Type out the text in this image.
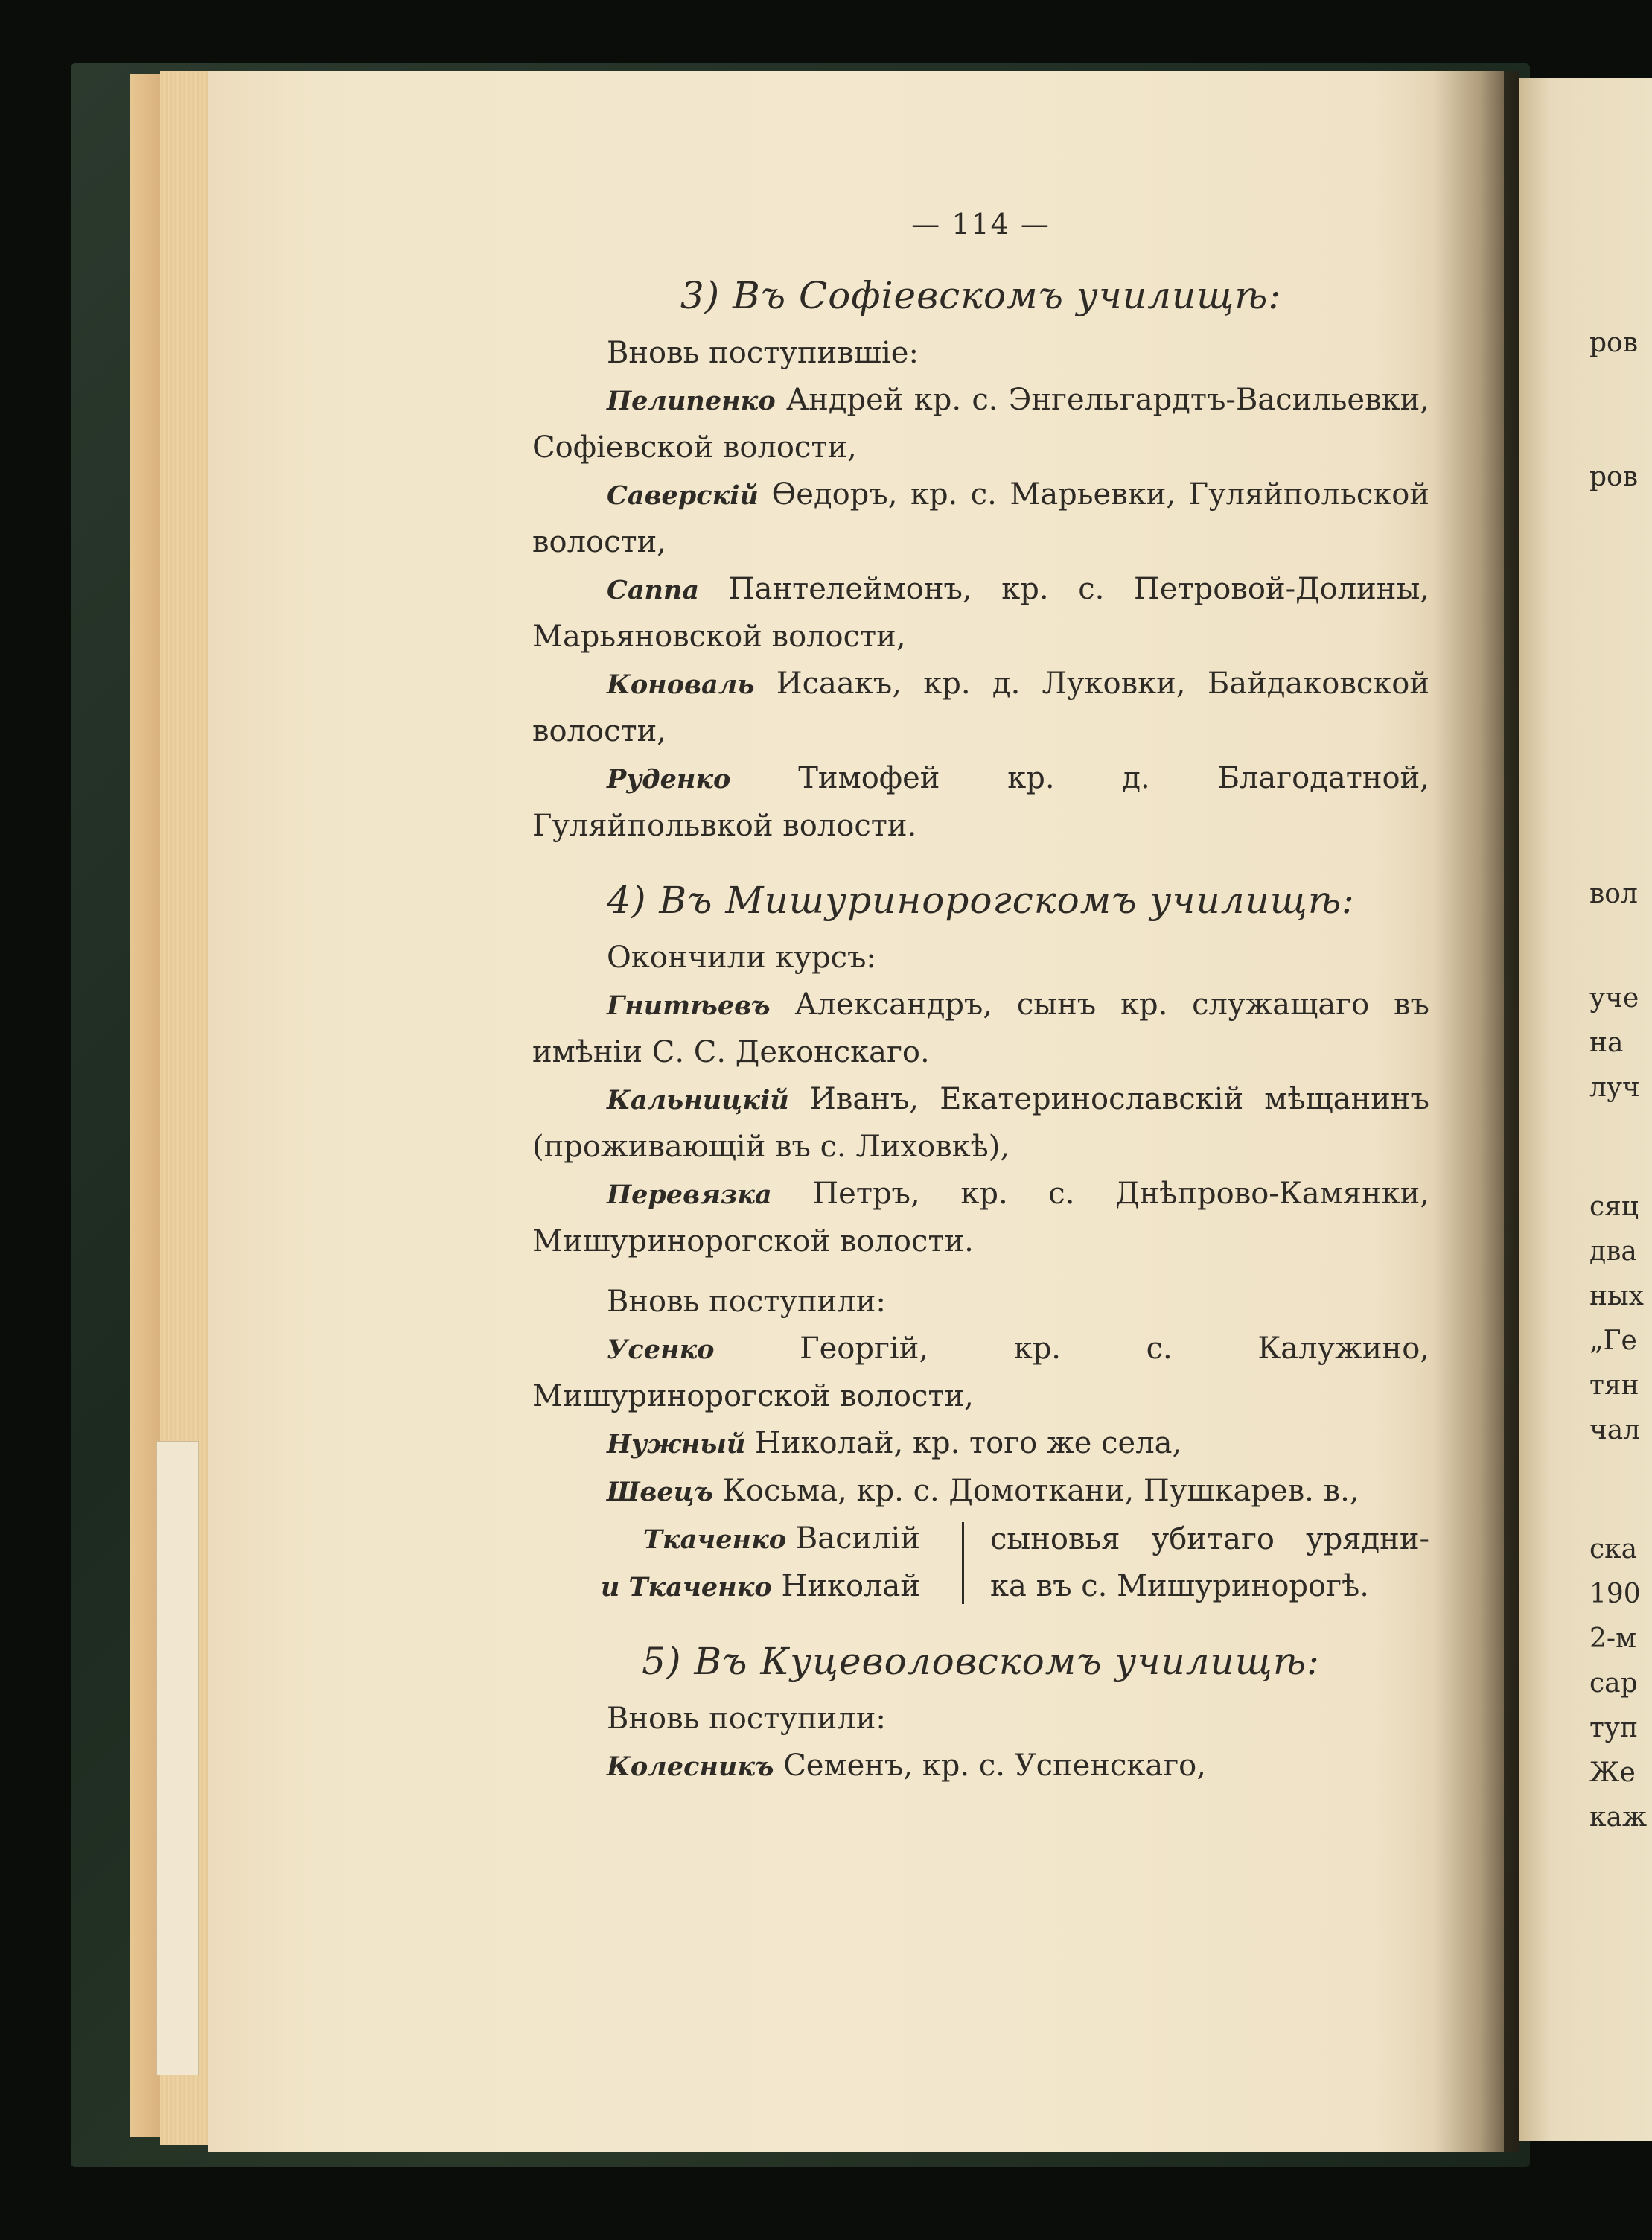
— 114 —
3) Въ Софіевскомъ училищѣ:
Вновь поступившіе:
Пелипенко Андрей кр. с. Энгельгардтъ-Васильевки, Софіевской волости,
Саверскій Өедоръ, кр. с. Марьевки, Гуляйпольской волости,
Саппа Пантелеймонъ, кр. с. Петровой-Долины, Марьяновской волости,
Коноваль Исаакъ, кр. д. Луковки, Байдаковской волости,
Руденко Тимофей кр. д. Благодатной, Гуляйпольвкой волости.
4) Въ Мишуринорогскомъ училищѣ:
Окончили курсъ:
Гнитѣевъ Александръ, сынъ кр. служащаго въ имѣніи С. С. Деконскаго.
Кальницкій Иванъ, Екатеринославскій мѣщанинъ (проживающій въ с. Лиховкѣ),
Перевязка Петръ, кр. с. Днѣпрово-Камянки, Мишуринорогской волости.
Вновь поступили:
Усенко Георгій, кр. с. Калужино, Мишуринорогской волости,
Нужный Николай, кр. того же села,
Швецъ Косьма, кр. с. Домоткани, Пушкарев. в.,
Ткаченко Василій
и Ткаченко Николай
сыновья убитаго урядни-
ка въ с. Мишуринорогѣ.
5) Въ Куцеволовскомъ училищѣ:
Вновь поступили:
Колесникъ Семенъ, кр. с. Успенскаго,
ров
ров
вол
уче
на
луч
сяц
два
ных
„Ге
тян
чал
скa
190
2-м
сар
туп
Же
каж
